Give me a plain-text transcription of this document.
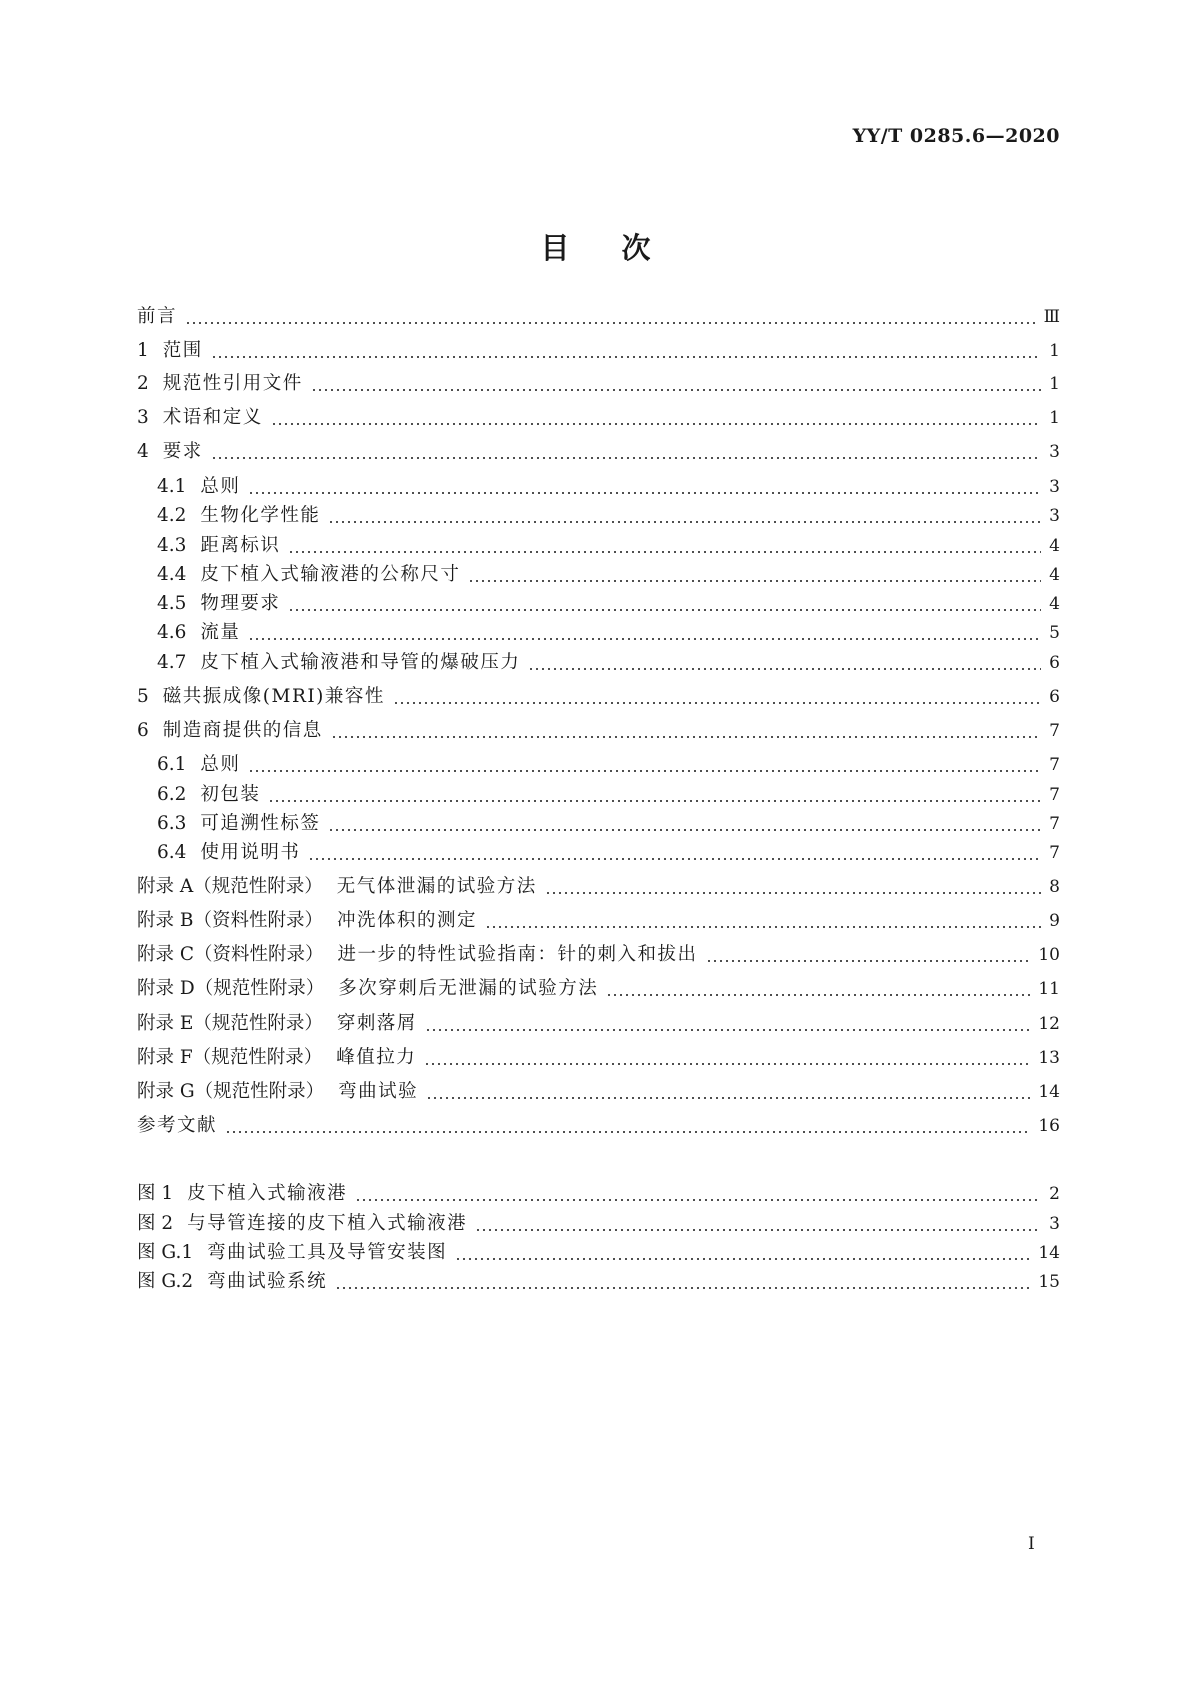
YY/T 0285.6—2020
目次
前言	Ⅲ
1 范围	1
2 规范性引用文件	1
3 术语和定义	1
4 要求	3
4.1 总则	3
4.2 生物化学性能	3
4.3 距离标识	4
4.4 皮下植入式输液港的公称尺寸	4
4.5 物理要求	4
4.6 流量	5
4.7 皮下植入式输液港和导管的爆破压力	6
5 磁共振成像(MRI)兼容性	6
6 制造商提供的信息	7
6.1 总则	7
6.2 初包装	7
6.3 可追溯性标签	7
6.4 使用说明书	7
附录 A（规范性附录） 无气体泄漏的试验方法	8
附录 B（资料性附录） 冲洗体积的测定	9
附录 C（资料性附录） 进一步的特性试验指南：针的刺入和拔出	10
附录 D（规范性附录） 多次穿刺后无泄漏的试验方法	11
附录 E（规范性附录） 穿刺落屑	12
附录 F（规范性附录） 峰值拉力	13
附录 G（规范性附录） 弯曲试验	14
参考文献	16
图 1 皮下植入式输液港	2
图 2 与导管连接的皮下植入式输液港	3
图 G.1 弯曲试验工具及导管安装图	14
图 G.2 弯曲试验系统	15
I
